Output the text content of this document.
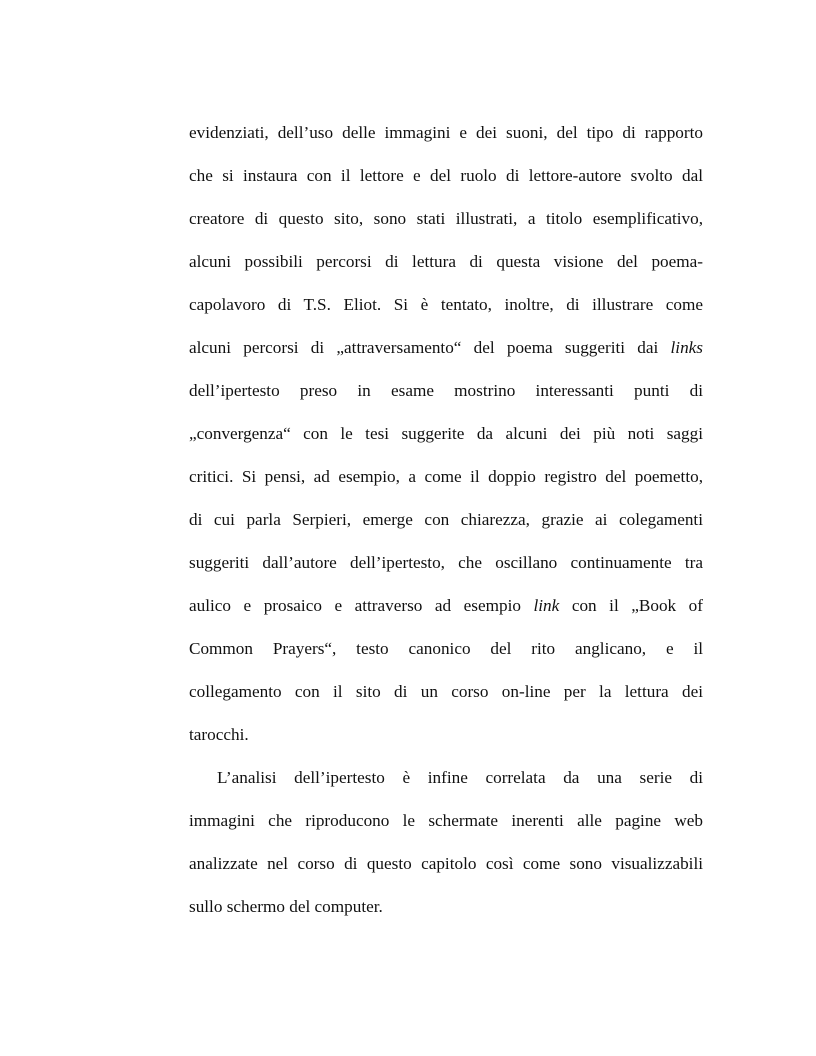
evidenziati, dell’uso delle immagini e dei suoni, del tipo di rapporto
che si instaura con il lettore e del ruolo di lettore-autore svolto dal
creatore di questo sito, sono stati illustrati, a titolo esemplificativo,
alcuni possibili percorsi di lettura di questa visione del poema-
capolavoro di T.S. Eliot. Si è tentato, inoltre, di illustrare come
alcuni percorsi di „attraversamento“ del poema suggeriti dai links
dell’ipertesto preso in esame mostrino interessanti punti di
„convergenza“ con le tesi suggerite da alcuni dei più noti saggi
critici. Si pensi, ad esempio, a come il doppio registro del poemetto,
di cui parla Serpieri, emerge con chiarezza, grazie ai colegamenti
suggeriti dall’autore dell’ipertesto, che oscillano continuamente tra
aulico e prosaico e attraverso ad esempio link con il „Book of
Common Prayers“, testo canonico del rito anglicano, e il
collegamento con il sito di un corso on-line per la lettura dei
tarocchi.
L’analisi dell’ipertesto è infine correlata da una serie di
immagini che riproducono le schermate inerenti alle pagine web
analizzate nel corso di questo capitolo così come sono visualizzabili
sullo schermo del computer.
